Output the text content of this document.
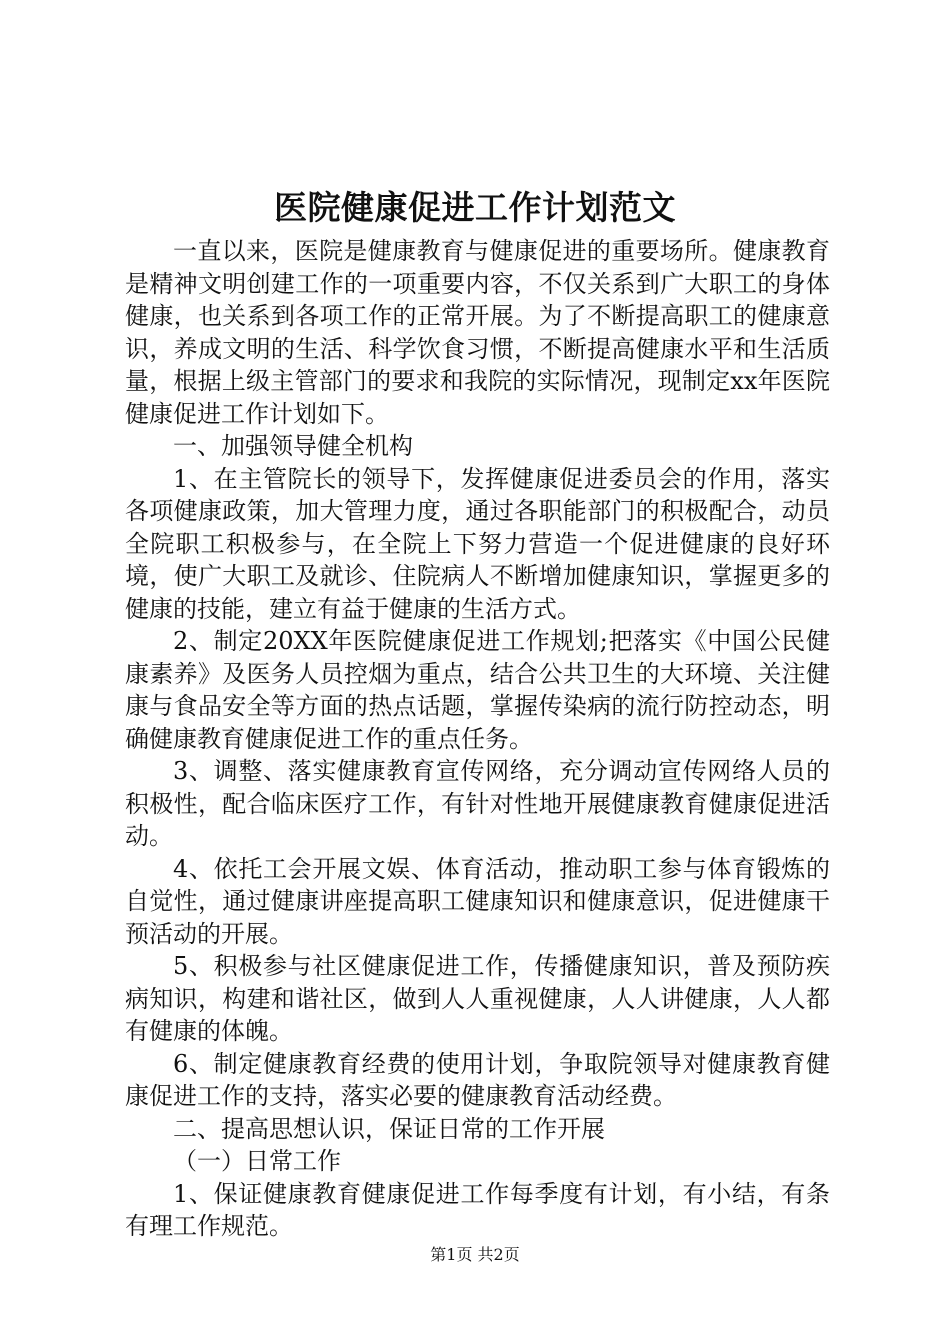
医院健康促进工作计划范文

一直以来，医院是健康教育与健康促进的重要场所。健康教育是精神文明创建工作的一项重要内容，不仅关系到广大职工的身体健康，也关系到各项工作的正常开展。为了不断提高职工的健康意识，养成文明的生活、科学饮食习惯，不断提高健康水平和生活质量，根据上级主管部门的要求和我院的实际情况，现制定xx年医院健康促进工作计划如下。

一、加强领导健全机构

1、在主管院长的领导下，发挥健康促进委员会的作用，落实各项健康政策，加大管理力度，通过各职能部门的积极配合，动员全院职工积极参与，在全院上下努力营造一个促进健康的良好环境，使广大职工及就诊、住院病人不断增加健康知识，掌握更多的健康的技能，建立有益于健康的生活方式。

2、制定20XX年医院健康促进工作规划;把落实《中国公民健康素养》及医务人员控烟为重点，结合公共卫生的大环境、关注健康与食品安全等方面的热点话题，掌握传染病的流行防控动态，明确健康教育健康促进工作的重点任务。

3、调整、落实健康教育宣传网络，充分调动宣传网络人员的积极性，配合临床医疗工作，有针对性地开展健康教育健康促进活动。

4、依托工会开展文娱、体育活动，推动职工参与体育锻炼的自觉性，通过健康讲座提高职工健康知识和健康意识，促进健康干预活动的开展。

5、积极参与社区健康促进工作，传播健康知识，普及预防疾病知识，构建和谐社区，做到人人重视健康，人人讲健康，人人都有健康的体魄。

6、制定健康教育经费的使用计划，争取院领导对健康教育健康促进工作的支持，落实必要的健康教育活动经费。

二、提高思想认识，保证日常的工作开展

（一）日常工作

1、保证健康教育健康促进工作每季度有计划，有小结，有条有理工作规范。

第1页 共2页
